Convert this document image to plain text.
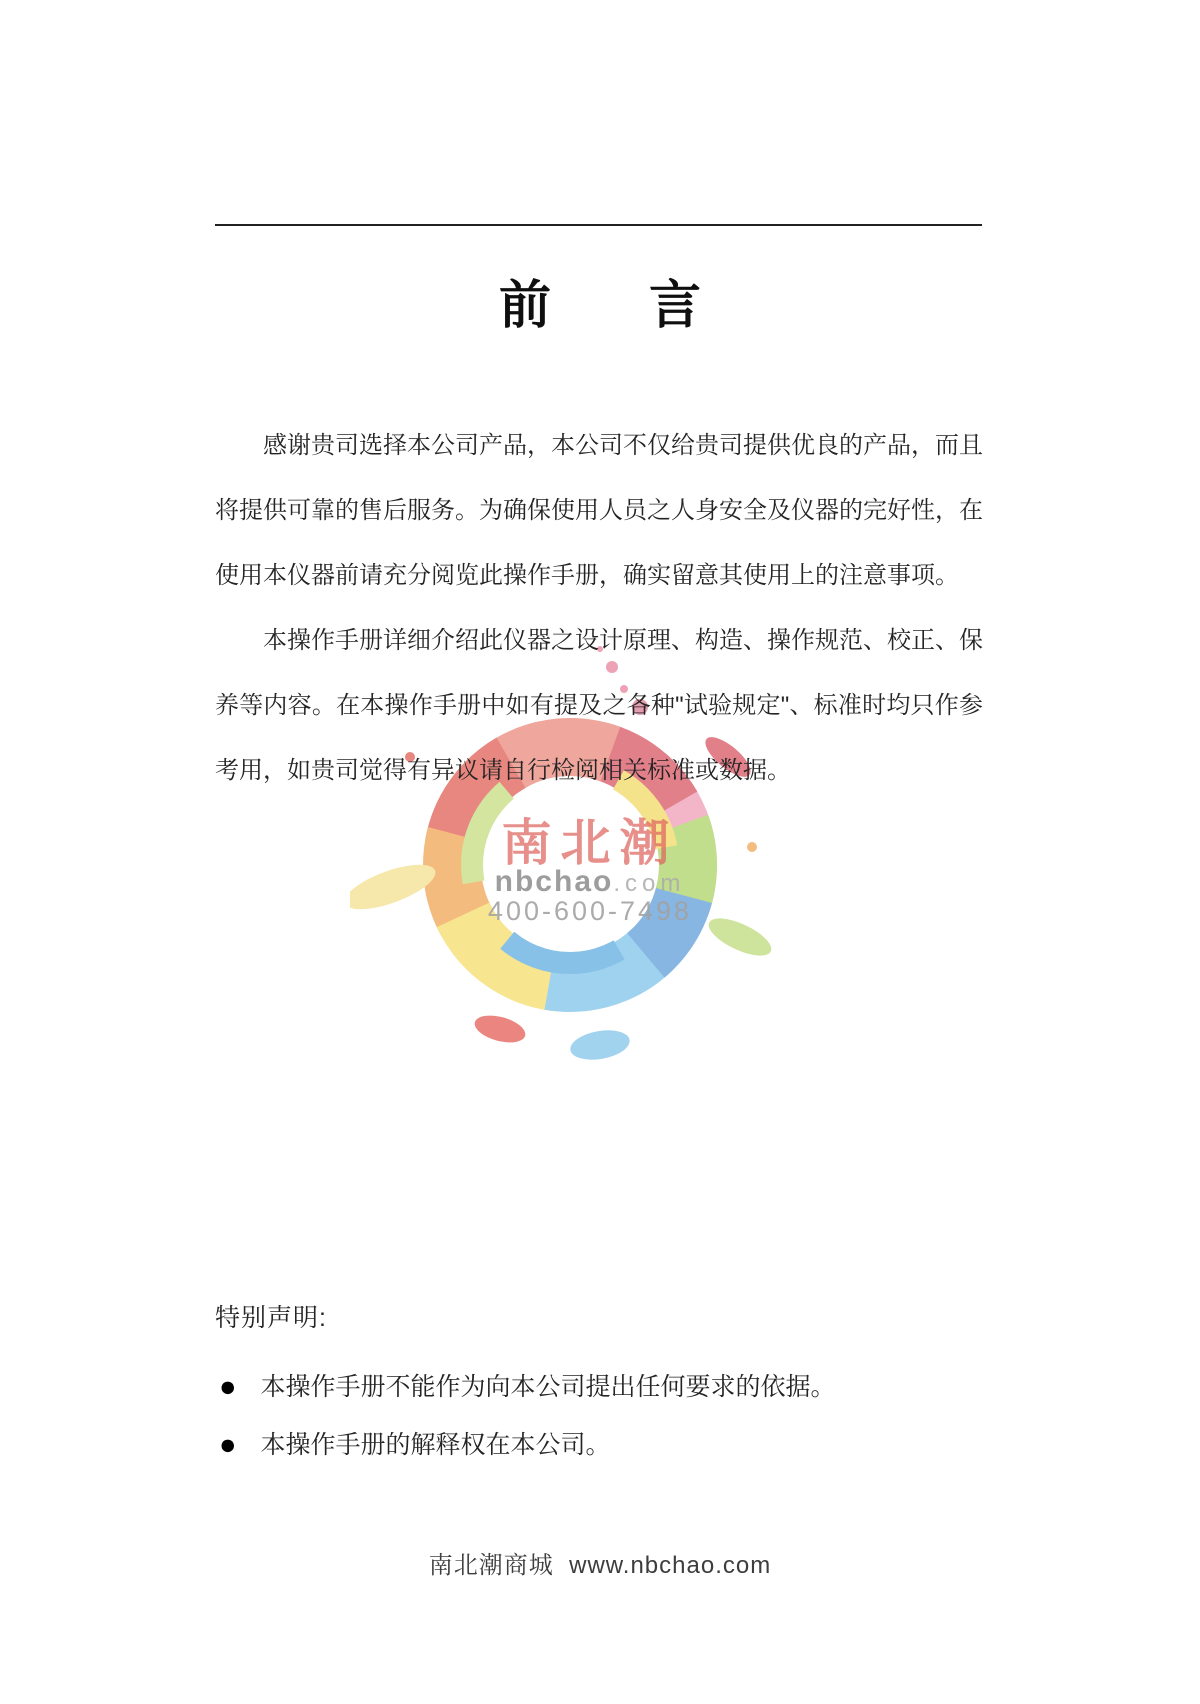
南北潮
nbchao.com
400-600-7498
前 言
感谢贵司选择本公司产品，本公司不仅给贵司提供优良的产品，而且
将提供可靠的售后服务。为确保使用人员之人身安全及仪器的完好性，在
使用本仪器前请充分阅览此操作手册，确实留意其使用上的注意事项。
本操作手册详细介绍此仪器之设计原理、构造、操作规范、校正、保
养等内容。在本操作手册中如有提及之各种"试验规定"、标准时均只作参
考用，如贵司觉得有异议请自行检阅相关标准或数据。
特别声明:
● 本操作手册不能作为向本公司提出任何要求的依据。
● 本操作手册的解释权在本公司。
南北潮商城  www.nbchao.com
